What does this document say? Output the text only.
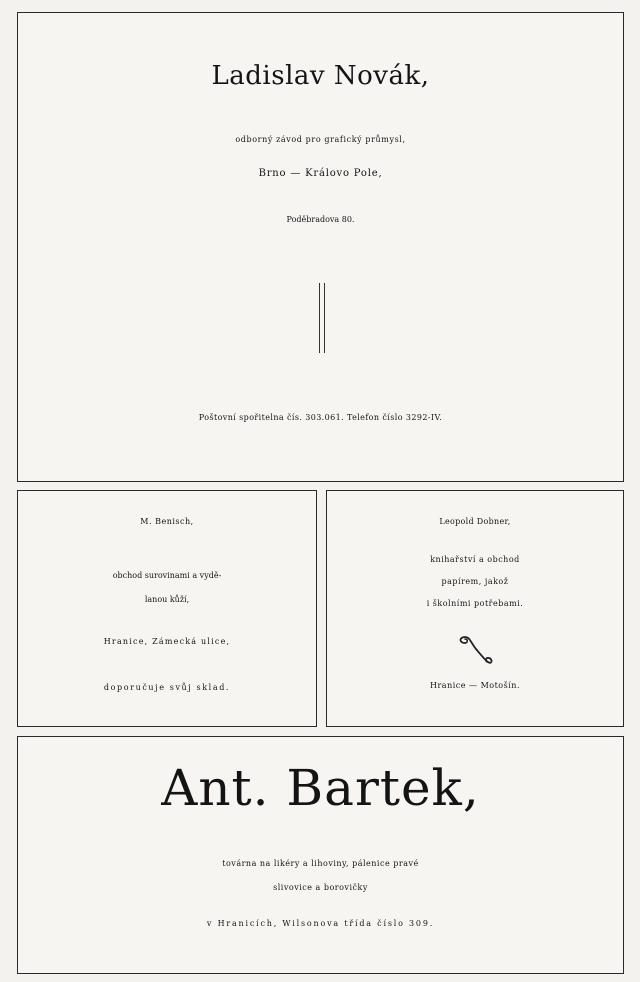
Ladislav Novák,
odborný závod pro grafický průmysl,
Brno — Královo Pole,
Poděbradova 80.
Poštovní spořitelna čís. 303.061. Telefon číslo 3292-IV.
M. Benisch,
obchod surovinami a vydě-
lanou kůží,
Hranice, Zámecká ulice,
doporučuje svůj sklad.
Leopold Dobner,
knihařství a obchod
papírem, jakož
i školními potřebami.
Hranice — Motošín.
Ant. Bartek,
továrna na likéry a lihoviny, pálenice pravé
slivovice a borovičky
v Hranicích, Wilsonova třída číslo 309.
